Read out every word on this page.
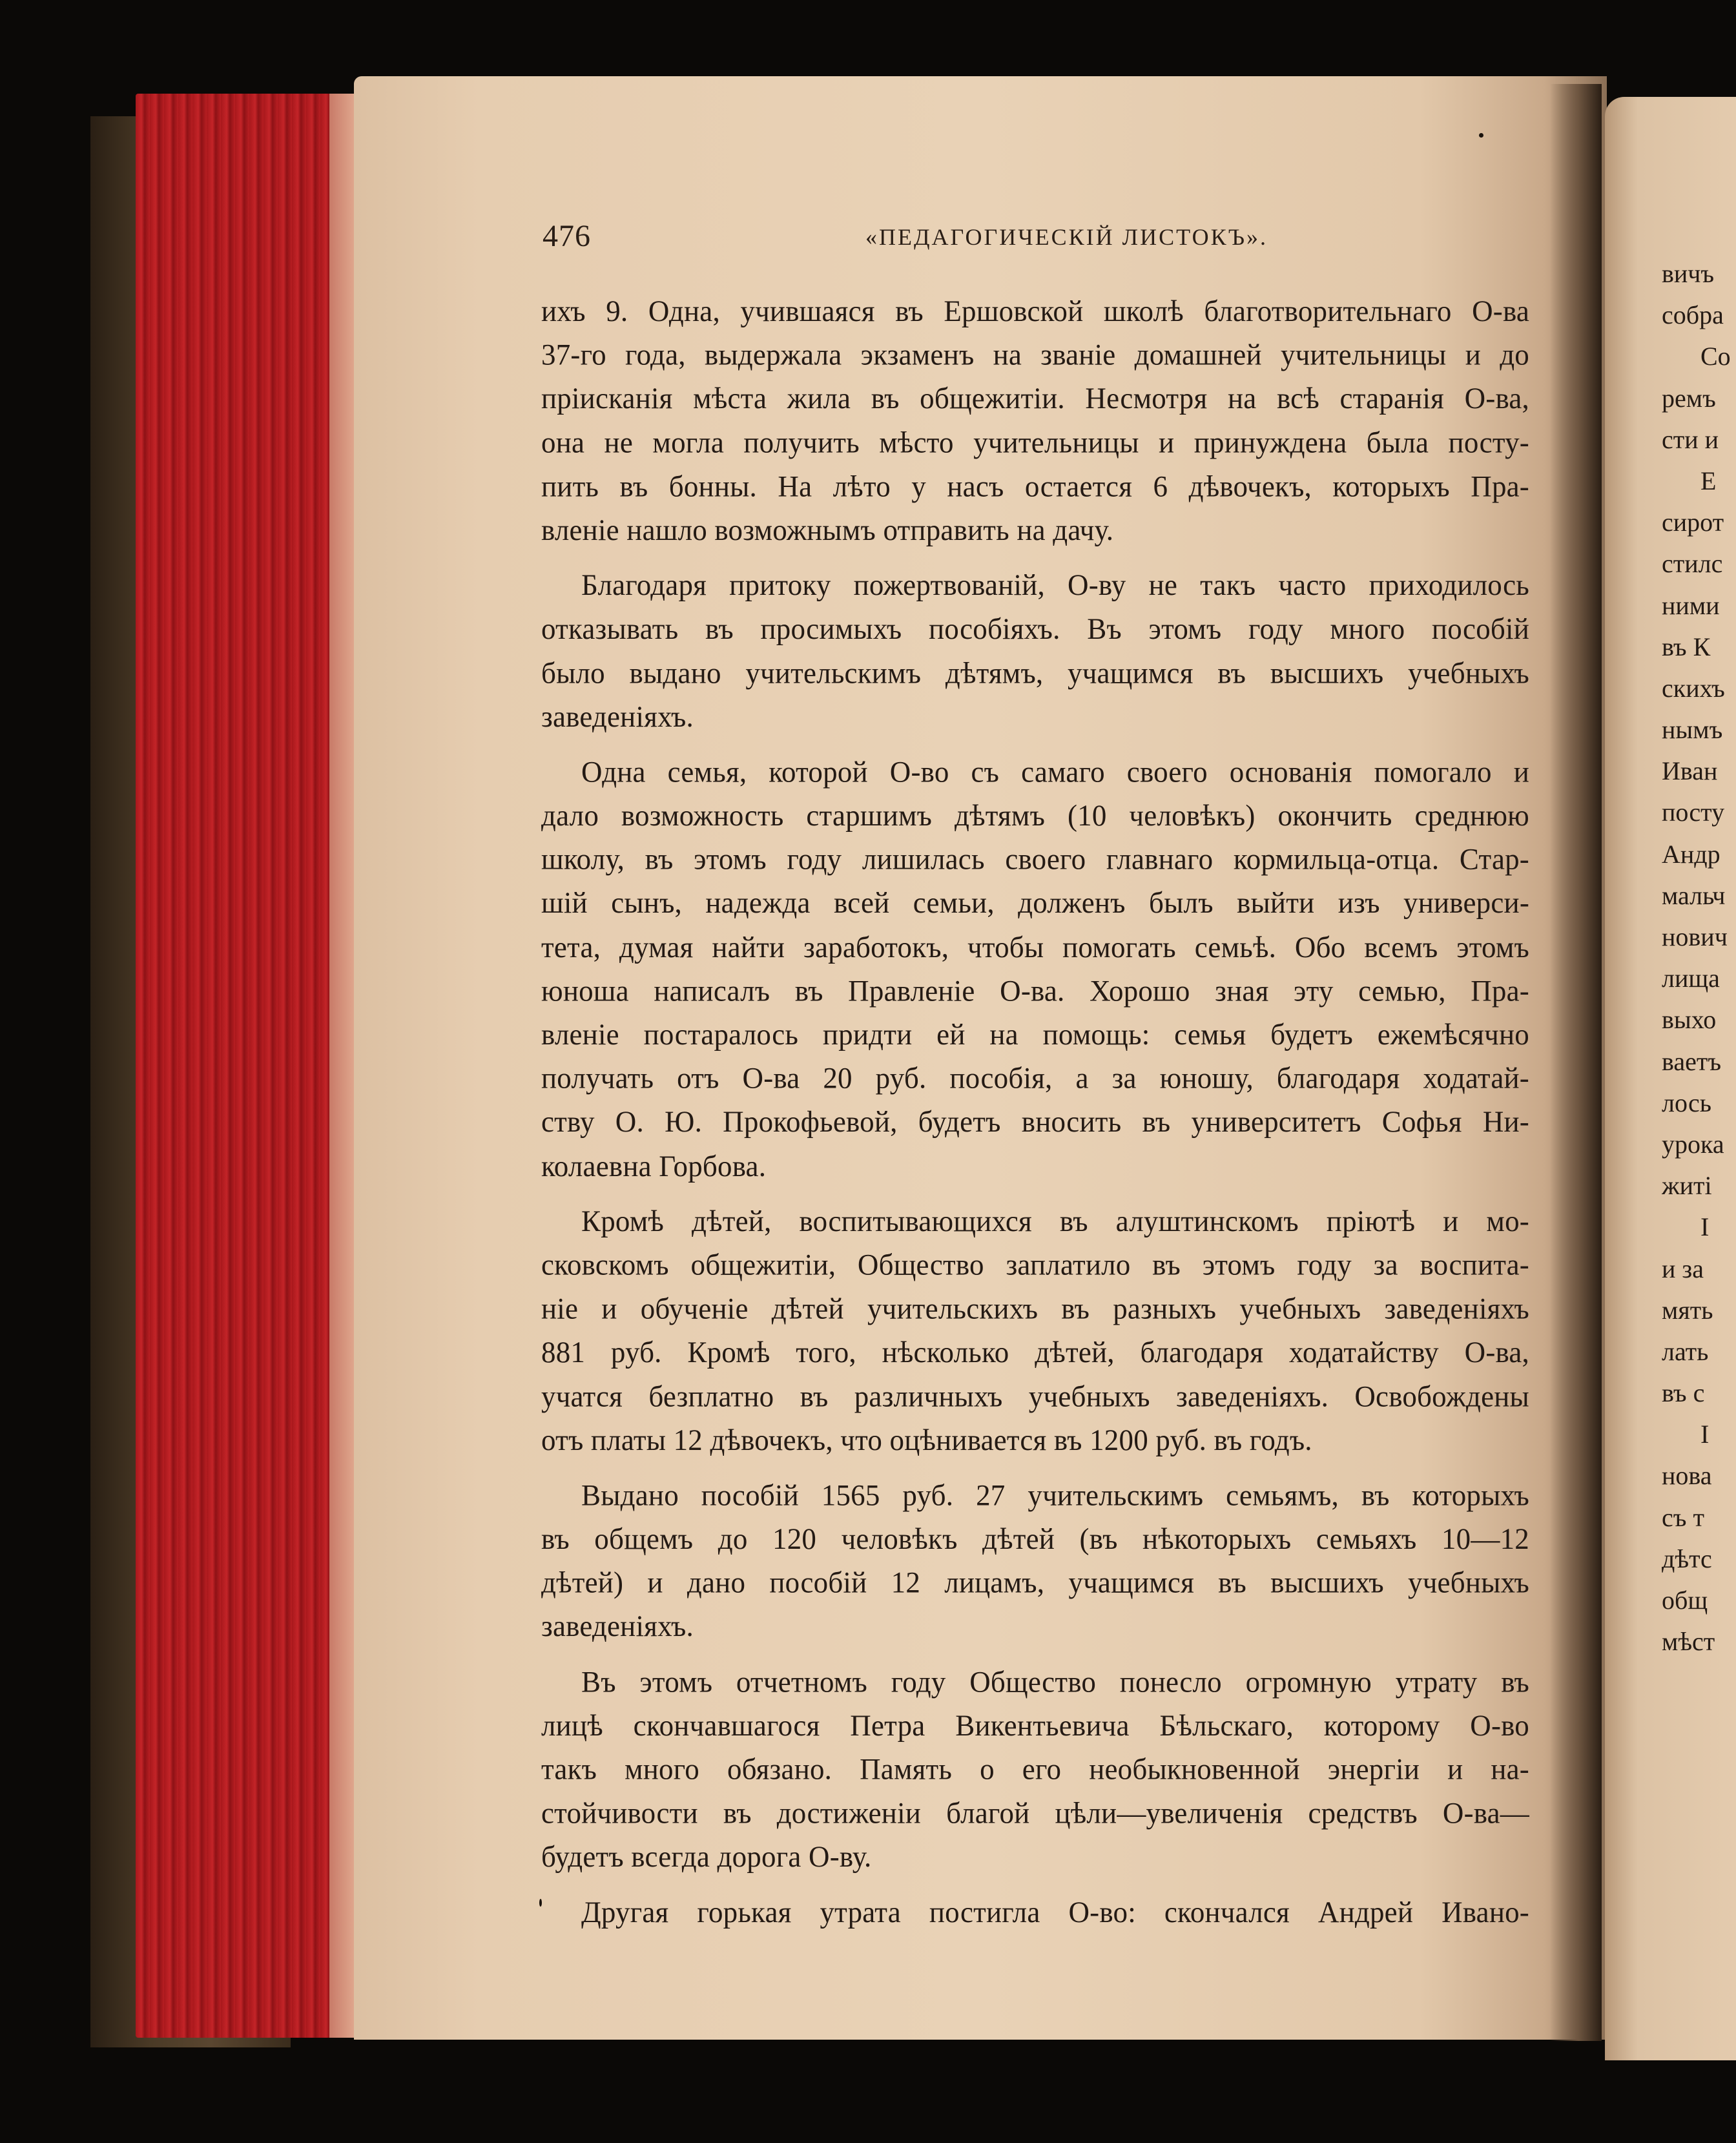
476	«ПЕДАГОГИЧЕСКІЙ ЛИСТОКЪ».
ихъ 9. Одна, учившаяся въ Ершовской школѣ благотворительнаго О-ва
37-го года, выдержала экзаменъ на званіе домашней учительницы и до
пріисканія мѣста жила въ общежитіи. Несмотря на всѣ старанія О-ва,
она не могла получить мѣсто учительницы и принуждена была посту-
пить въ бонны. На лѣто у насъ остается 6 дѣвочекъ, которыхъ Пра-
вленіе нашло возможнымъ отправить на дачу.
Благодаря притоку пожертвованій, О-ву не такъ часто приходилось
отказывать въ просимыхъ пособіяхъ. Въ этомъ году много пособій
было выдано учительскимъ дѣтямъ, учащимся въ высшихъ учебныхъ
заведеніяхъ.
Одна семья, которой О-во съ самаго своего основанія помогало и
дало возможность старшимъ дѣтямъ (10 человѣкъ) окончить среднюю
школу, въ этомъ году лишилась своего главнаго кормильца-отца. Стар-
шій сынъ, надежда всей семьи, долженъ былъ выйти изъ универси-
тета, думая найти заработокъ, чтобы помогать семьѣ. Обо всемъ этомъ
юноша написалъ въ Правленіе О-ва. Хорошо зная эту семью, Пра-
вленіе постаралось придти ей на помощь: семья будетъ ежемѣсячно
получать отъ О-ва 20 руб. пособія, а за юношу, благодаря ходатай-
ству О. Ю. Прокофьевой, будетъ вносить въ университетъ Софья Ни-
колаевна Горбова.
Кромѣ дѣтей, воспитывающихся въ алуштинскомъ пріютѣ и мо-
сковскомъ общежитіи, Общество заплатило въ этомъ году за воспита-
ніе и обученіе дѣтей учительскихъ въ разныхъ учебныхъ заведеніяхъ
881 руб. Кромѣ того, нѣсколько дѣтей, благодаря ходатайству О-ва,
учатся безплатно въ различныхъ учебныхъ заведеніяхъ. Освобождены
отъ платы 12 дѣвочекъ, что оцѣнивается въ 1200 руб. въ годъ.
Выдано пособій 1565 руб. 27 учительскимъ семьямъ, въ которыхъ
въ общемъ до 120 человѣкъ дѣтей (въ нѣкоторыхъ семьяхъ 10—12
дѣтей) и дано пособій 12 лицамъ, учащимся въ высшихъ учебныхъ
заведеніяхъ.
Въ этомъ отчетномъ году Общество понесло огромную утрату въ
лицѣ скончавшагося Петра Викентьевича Бѣльскаго, которому О-во
такъ много обязано. Память о его необыкновенной энергіи и на-
стойчивости въ достиженіи благой цѣли—увеличенія средствъ О-ва—
будетъ всегда дорога О-ву.
Другая горькая утрата постигла О-во: скончался Андрей Ивано-
вичъ
собра
Со
ремъ
сти и
Е
сирот
стилс
ними
въ К
скихъ
нымъ
Иван
посту
Андр
мальч
нович
лища
выхо
ваетъ
лось
урока
житі
І
и за
мять
лать
въ с
І
нова
съ т
дѣтс
общ
мѣст
